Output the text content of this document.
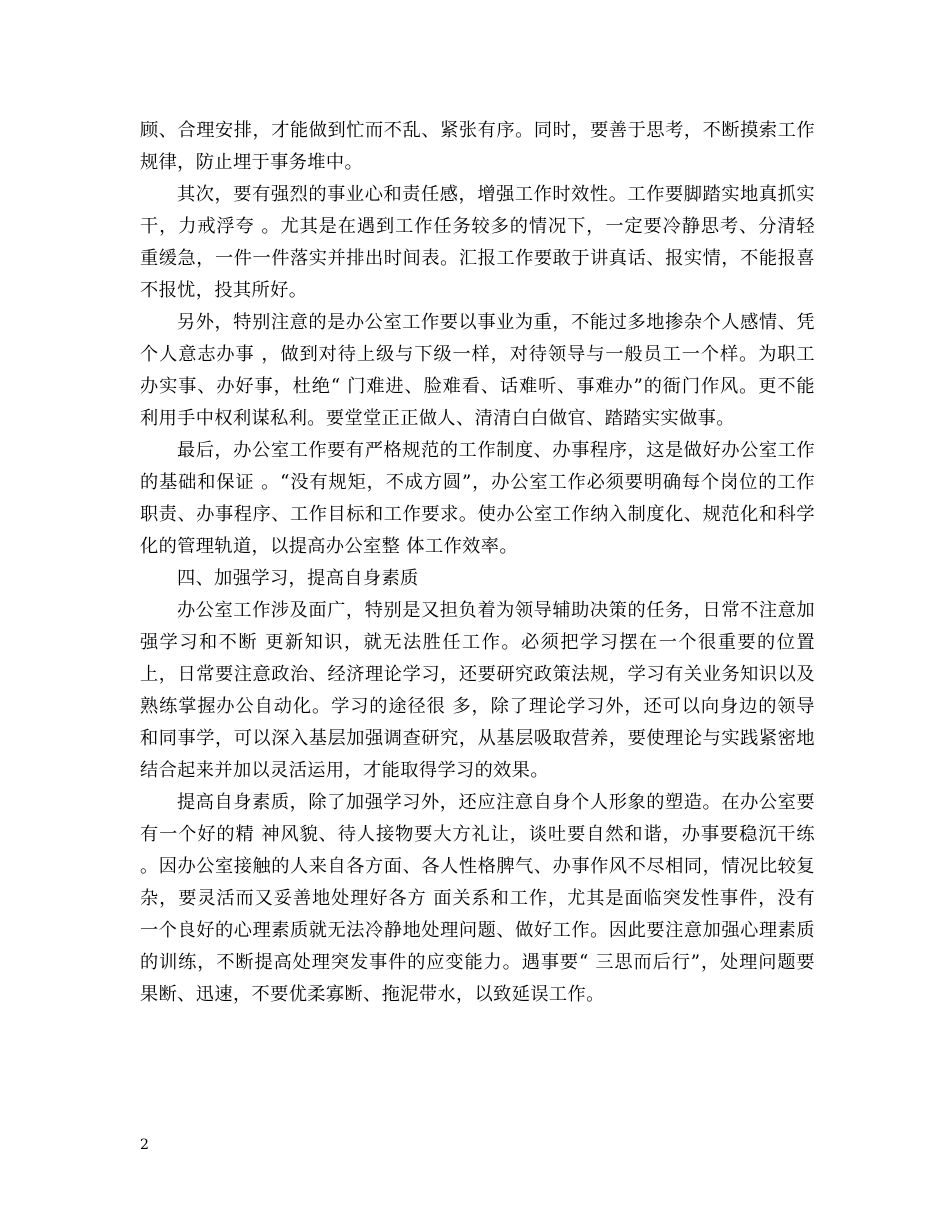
顾、合理安排，才能做到忙而不乱、紧张有序。同时，要善于思考，不断摸索工作规律，防止埋于事务堆中。

其次，要有强烈的事业心和责任感，增强工作时效性。工作要脚踏实地真抓实干，力戒浮夸 。尤其是在遇到工作任务较多的情况下，一定要冷静思考、分清轻重缓急，一件一件落实并排出时间表。汇报工作要敢于讲真话、报实情，不能报喜不报忧，投其所好。

另外，特别注意的是办公室工作要以事业为重，不能过多地掺杂个人感情、凭个人意志办事 ，做到对待上级与下级一样，对待领导与一般员工一个样。为职工办实事、办好事，杜绝“ 门难进、脸难看、话难听、事难办”的衙门作风。更不能利用手中权利谋私利。要堂堂正正做人、清清白白做官、踏踏实实做事。

最后，办公室工作要有严格规范的工作制度、办事程序，这是做好办公室工作的基础和保证 。“没有规矩，不成方圆”，办公室工作必须要明确每个岗位的工作职责、办事程序、工作目标和工作要求。使办公室工作纳入制度化、规范化和科学化的管理轨道，以提高办公室整 体工作效率。

四、加强学习，提高自身素质

办公室工作涉及面广，特别是又担负着为领导辅助决策的任务，日常不注意加强学习和不断 更新知识，就无法胜任工作。必须把学习摆在一个很重要的位置上，日常要注意政治、经济理论学习，还要研究政策法规，学习有关业务知识以及熟练掌握办公自动化。学习的途径很 多，除了理论学习外，还可以向身边的领导和同事学，可以深入基层加强调查研究，从基层吸取营养，要使理论与实践紧密地结合起来并加以灵活运用，才能取得学习的效果。

提高自身素质，除了加强学习外，还应注意自身个人形象的塑造。在办公室要有一个好的精 神风貌、待人接物要大方礼让，谈吐要自然和谐，办事要稳沉干练 。因办公室接触的人来自各方面、各人性格脾气、办事作风不尽相同，情况比较复杂，要灵活而又妥善地处理好各方 面关系和工作，尤其是面临突发性事件，没有一个良好的心理素质就无法冷静地处理问题、做好工作。因此要注意加强心理素质的训练，不断提高处理突发事件的应变能力。遇事要“ 三思而后行”，处理问题要果断、迅速，不要优柔寡断、拖泥带水，以致延误工作。

2
